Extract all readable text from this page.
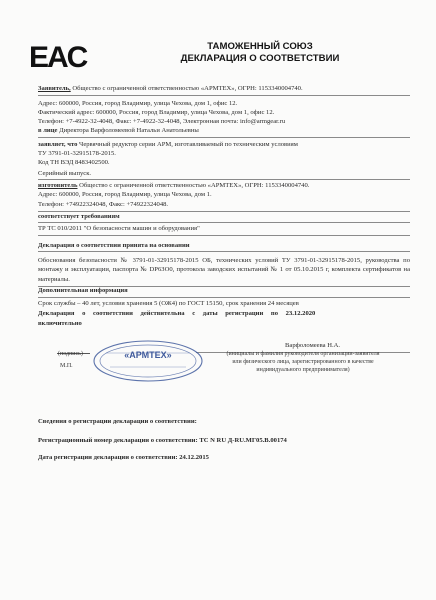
EAC	ТАМОЖЕННЫЙ СОЮЗ
ДЕКЛАРАЦИЯ О СООТВЕТСТВИИ
Заявитель, Общество с ограниченной ответственностью «АРМТЕХ», ОГРН: 1153340004740.
Адрес: 600000, Россия, город Владимир, улица Чехова, дом 1, офис 12.
Фактический адрес: 600000, Россия, город Владимир, улица Чехова, дом 1, офис 12.
Телефон: +7-4922-32-4048, Факс: +7-4922-32-4048, Электронная почта: info@armgear.ru
в лице Директора Варфоломеевой Натальи Анатольевны
заявляет, что Червячный редуктор серии АРМ, изготавливаемый по техническим условиям
ТУ 3791-01-32915178-2015.
Код ТН ВЭД 8483402500.
Серийный выпуск.
изготовитель Общество с ограниченной ответственностью «АРМТЕХ», ОГРН: 1153340004740.
Адрес: 600000, Россия, город Владимир, улица Чехова, дом 1.
Телефон: +74922324048, Факс: +74922324048.
соответствует требованиям
ТР ТС 010/2011 "О безопасности машин и оборудования"
Декларация о соответствии принята на основании
Обоснования безопасности № 3791-01-32915178-2015 ОБ, технических условий ТУ 3791-01-32915178-2015, руководства по монтажу и эксплуатации, паспорта № DP6ЗО0, протокола заводских испытаний № 1 от 05.10.2015 г, комплекта сертификатов на материалы.
Дополнительная информация
Срок службы – 40 лет, условия хранения 5 (ОЖ4) по ГОСТ 15150, срок хранения 24 месяцев
Декларация о соответствии действительна с даты регистрации по 23.12.2020
включительно
Варфоломеева Н.А.
(подпись)	(инициалы и фамилия руководителя организации-заявителя
или физического лица, зарегистрированного в качестве
индивидуального предпринимателя)
М.П.
«АРМТЕХ»
Сведения о регистрации декларации о соответствии:
Регистрационный номер декларации о соответствии: ТС N RU Д-RU.МГ05.В.00174
Дата регистрации декларации о соответствии: 24.12.2015
